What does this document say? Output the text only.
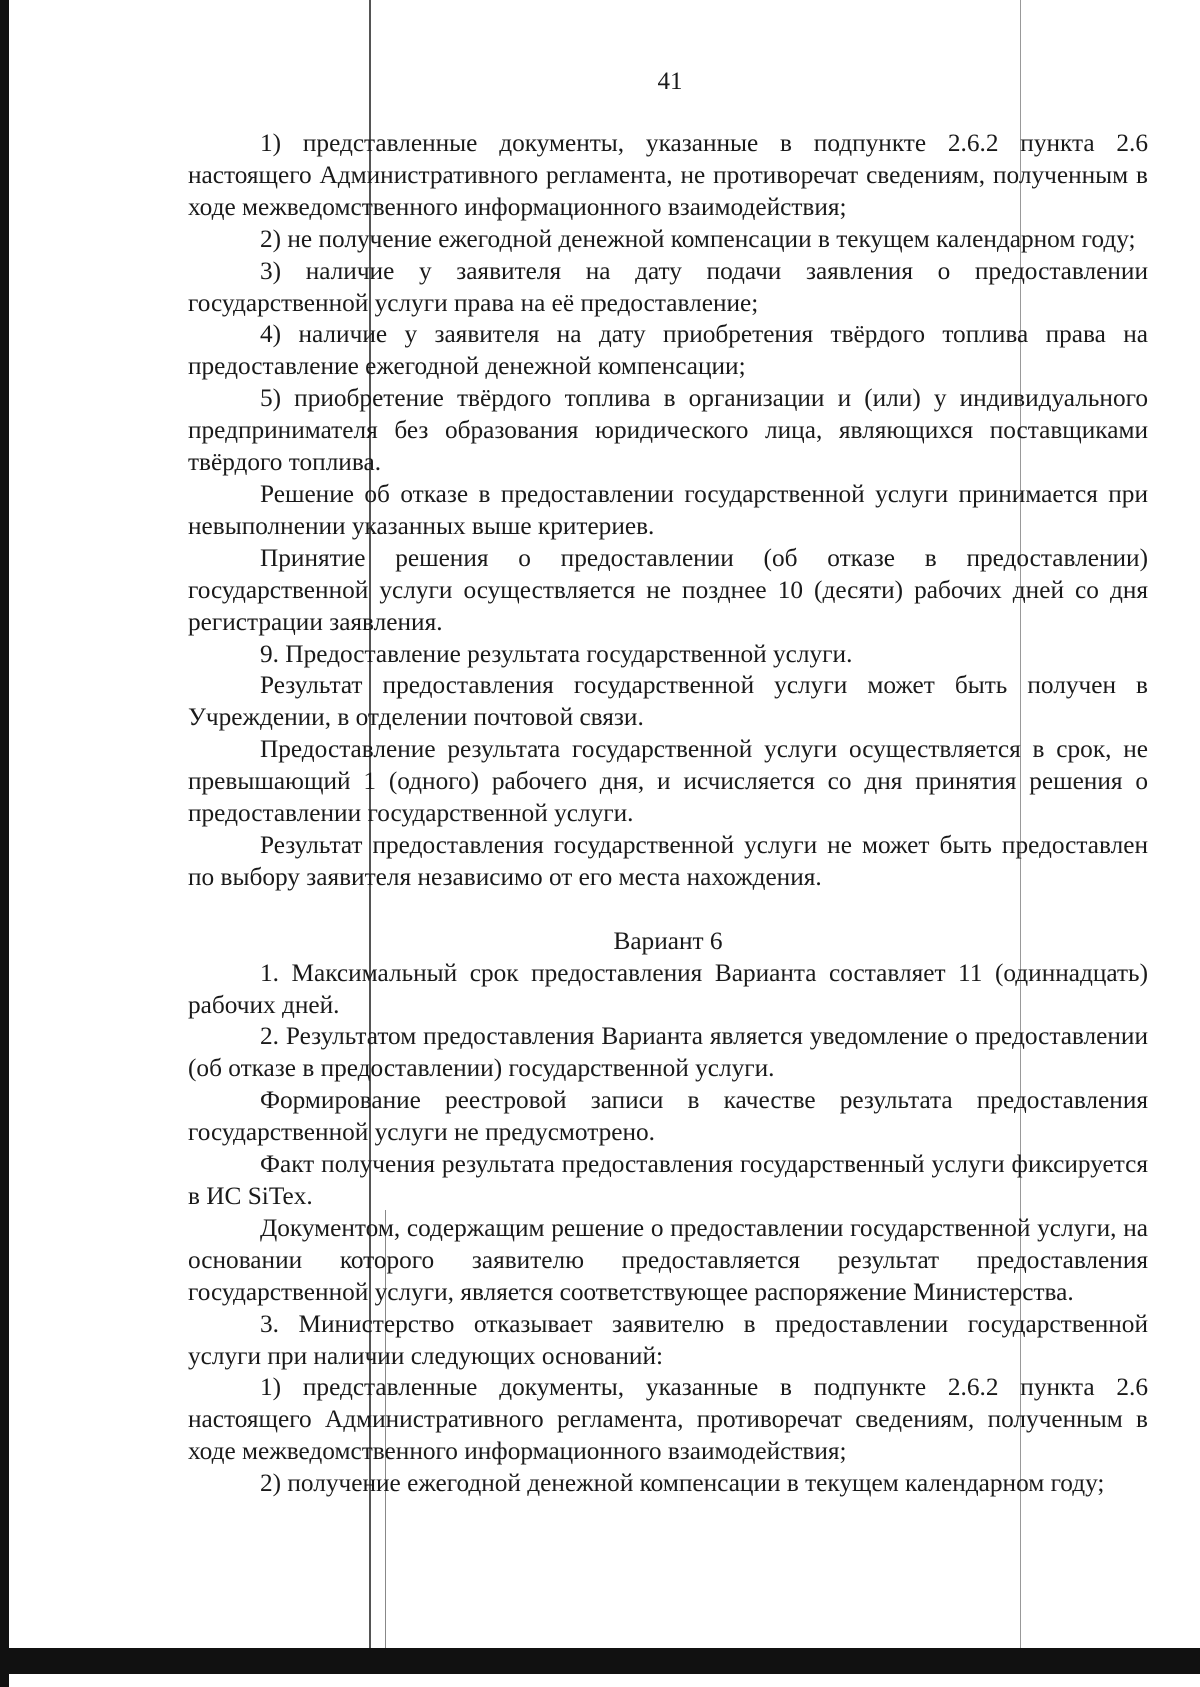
41

1) представленные документы, указанные в подпункте 2.6.2 пункта 2.6 настоящего Административного регламента, не противоречат сведениям, полученным в ходе межведомственного информационного взаимодействия;

2) не получение ежегодной денежной компенсации в текущем календарном году;

3) наличие у заявителя на дату подачи заявления о предоставлении государственной услуги права на её предоставление;

4) наличие у заявителя на дату приобретения твёрдого топлива права на предоставление ежегодной денежной компенсации;

5) приобретение твёрдого топлива в организации и (или) у индивидуального предпринимателя без образования юридического лица, являющихся поставщиками твёрдого топлива.

Решение об отказе в предоставлении государственной услуги принимается при невыполнении указанных выше критериев.

Принятие решения о предоставлении (об отказе в предоставлении) государственной услуги осуществляется не позднее 10 (десяти) рабочих дней со дня регистрации заявления.

9. Предоставление результата государственной услуги.

Результат предоставления государственной услуги может быть получен в Учреждении, в отделении почтовой связи.

Предоставление результата государственной услуги осуществляется в срок, не превышающий 1 (одного) рабочего дня, и исчисляется со дня принятия решения о предоставлении государственной услуги.

Результат предоставления государственной услуги не может быть предоставлен по выбору заявителя независимо от его места нахождения.

Вариант 6

1. Максимальный срок предоставления Варианта составляет 11 (одиннадцать) рабочих дней.

2. Результатом предоставления Варианта является уведомление о предоставлении (об отказе в предоставлении) государственной услуги.

Формирование реестровой записи в качестве результата предоставления государственной услуги не предусмотрено.

Факт получения результата предоставления государственный услуги фиксируется в ИС SiTex.

Документом, содержащим решение о предоставлении государственной услуги, на основании которого заявителю предоставляется результат предоставления государственной услуги, является соответствующее распоряжение Министерства.

3. Министерство отказывает заявителю в предоставлении государственной услуги при наличии следующих оснований:

1) представленные документы, указанные в подпункте 2.6.2 пункта 2.6 настоящего Административного регламента, противоречат сведениям, полученным в ходе межведомственного информационного взаимодействия;

2) получение ежегодной денежной компенсации в текущем календарном году;
